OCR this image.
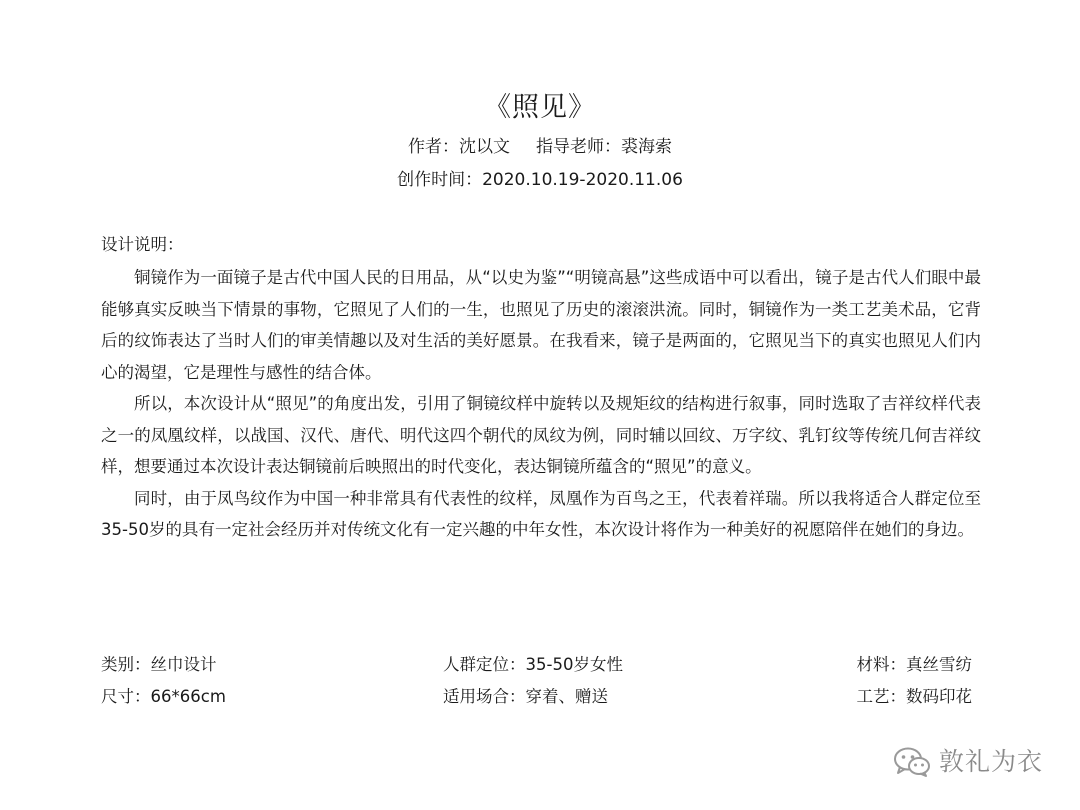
《照见》
作者：沈以文 指导老师：裘海索
创作时间：2020.10.19-2020.11.06
设计说明：

铜镜作为一面镜子是古代中国人民的日用品，从“以史为鉴”“明镜高悬”这些成语中可以看出，镜子是古代人们眼中最能够真实反映当下情景的事物，它照见了人们的一生，也照见了历史的滚滚洪流。同时，铜镜作为一类工艺美术品，它背后的纹饰表达了当时人们的审美情趣以及对生活的美好愿景。在我看来，镜子是两面的，它照见当下的真实也照见人们内心的渴望，它是理性与感性的结合体。

所以，本次设计从“照见”的角度出发，引用了铜镜纹样中旋转以及规矩纹的结构进行叙事，同时选取了吉祥纹样代表之一的凤凰纹样，以战国、汉代、唐代、明代这四个朝代的凤纹为例，同时辅以回纹、万字纹、乳钉纹等传统几何吉祥纹样，想要通过本次设计表达铜镜前后映照出的时代变化，表达铜镜所蕴含的“照见”的意义。

同时，由于凤鸟纹作为中国一种非常具有代表性的纹样，凤凰作为百鸟之王，代表着祥瑞。所以我将适合人群定位至35-50岁的具有一定社会经历并对传统文化有一定兴趣的中年女性，本次设计将作为一种美好的祝愿陪伴在她们的身边。

类别：丝巾设计	人群定位：35-50岁女性	材料：真丝雪纺
尺寸：66*66cm	适用场合：穿着、赠送	工艺：数码印花
敦礼为衣
